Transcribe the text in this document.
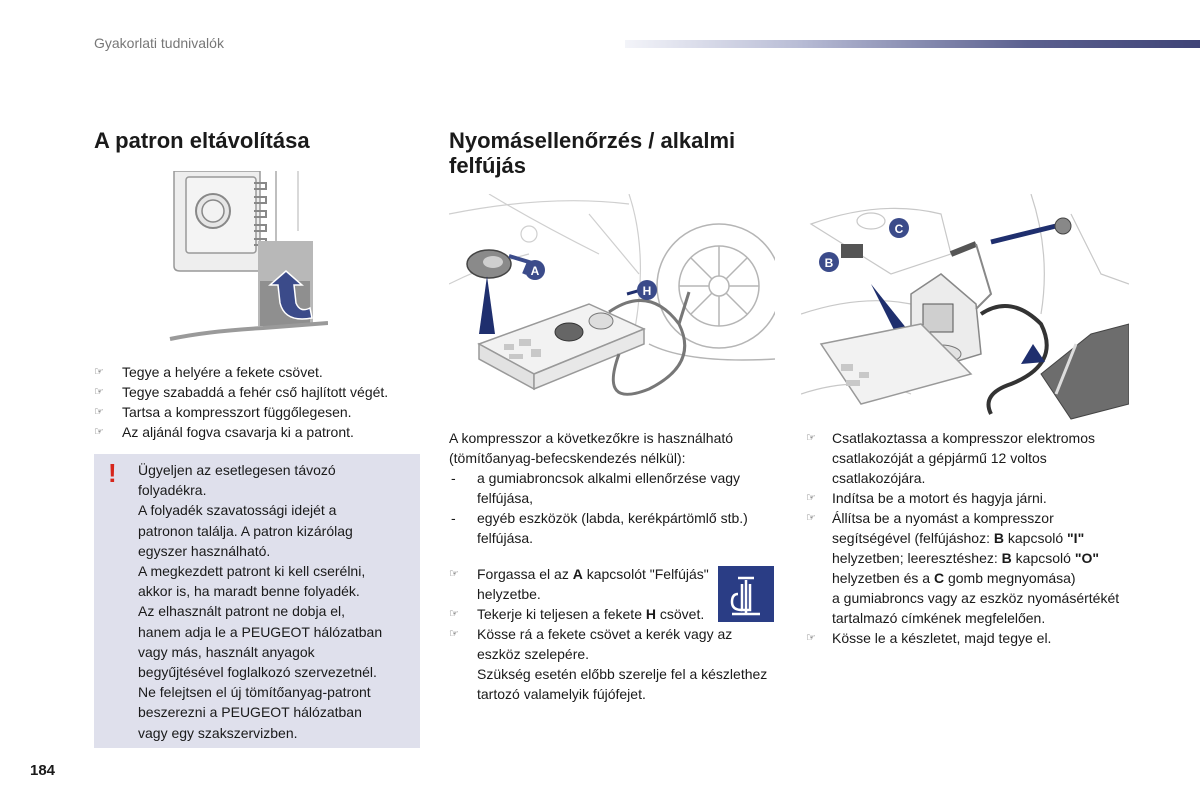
Gyakorlati tudnivalók
A patron eltávolítása	Nyomásellenőrzés / alkalmi felfújás
A
H
B
C
☞ Tegye a helyére a fekete csövet.
☞ Tegye szabaddá a fehér cső hajlított végét.
☞ Tartsa a kompresszort függőlegesen.
☞ Az aljánál fogva csavarja ki a patront.
! Ügyeljen az esetlegesen távozó

folyadékra.

A folyadék szavatossági idejét a

patronon találja. A patron kizárólag

egyszer használható.

A megkezdett patront ki kell cserélni,

akkor is, ha maradt benne folyadék.

Az elhasznált patront ne dobja el,

hanem adja le a PEUGEOT hálózatban

vagy más, használt anyagok

begyűjtésével foglalkozó szervezetnél.

Ne felejtsen el új tömítőanyag-patront

beszerezni a PEUGEOT hálózatban

vagy egy szakszervizben.

A kompresszor a következőkre is használható (tömítőanyag-befecskendezés nélkül):
- a gumiabroncsok alkalmi ellenőrzése vagy felfújása,
- egyéb eszközök (labda, kerékpártömlő stb.) felfújása.
☞ Forgassa el az A kapcsolót "Felfújás" helyzetbe.
☞ Tekerje ki teljesen a fekete H csövet.
☞ Kösse rá a fekete csövet a kerék vagy az eszköz szelepére.
Szükség esetén előbb szerelje fel a készlethez tartozó valamelyik fújófejet.
☞ Csatlakoztassa a kompresszor elektromos csatlakozóját a gépjármű 12 voltos csatlakozójára.
☞ Indítsa be a motort és hagyja járni.
☞ Állítsa be a nyomást a kompresszor segítségével (felfújáshoz: B kapcsoló "I" helyzetben; leeresztéshez: B kapcsoló "O" helyzetben és a C gomb megnyomása)
a gumiabroncs vagy az eszköz nyomásértékét tartalmazó címkének megfelelően.
☞ Kösse le a készletet, majd tegye el.
184
